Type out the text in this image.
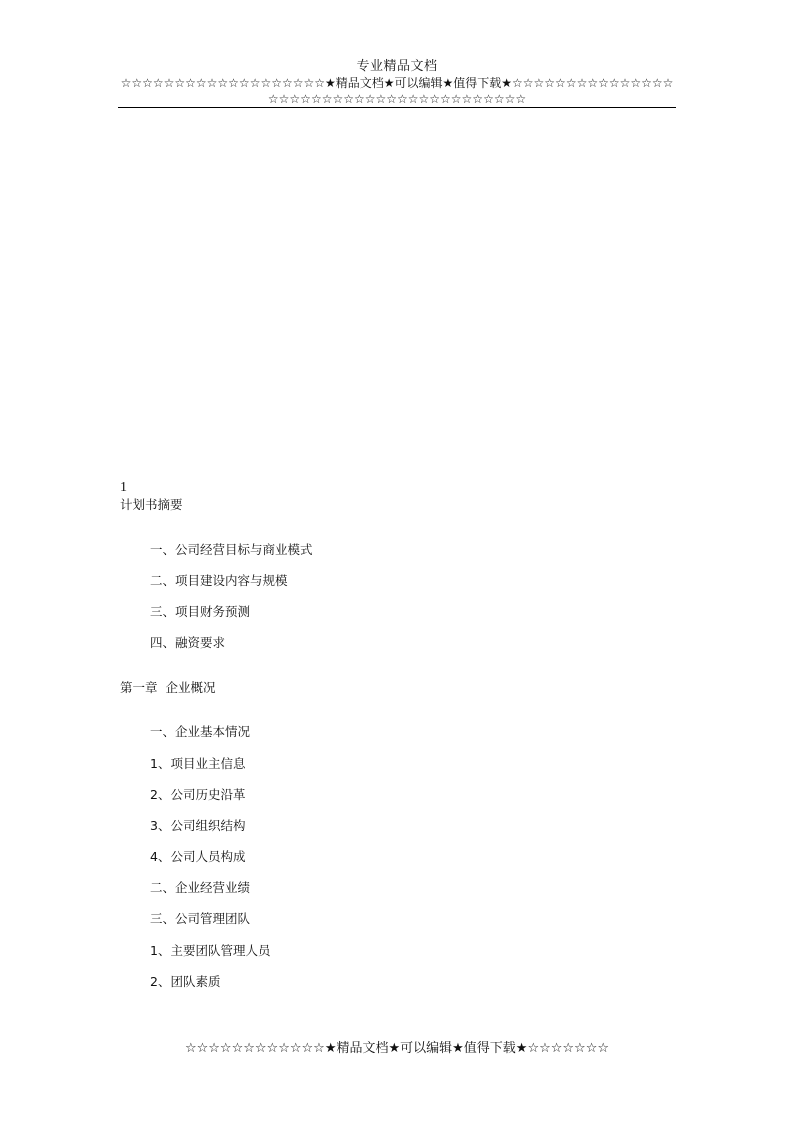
专业精品文档
☆☆☆☆☆☆☆☆☆☆☆☆☆☆☆☆☆☆☆★精品文档★可以编辑★值得下载★☆☆☆☆☆☆☆☆☆☆☆☆☆☆☆
☆☆☆☆☆☆☆☆☆☆☆☆☆☆☆☆☆☆☆☆☆☆☆☆
1
计划书摘要
一、公司经营目标与商业模式
二、项目建设内容与规模
三、项目财务预测
四、融资要求
第一章  企业概况
一、企业基本情况
1、项目业主信息
2、公司历史沿革
3、公司组织结构
4、公司人员构成
二、企业经营业绩
三、公司管理团队
1、主要团队管理人员
2、团队素质
☆☆☆☆☆☆☆☆☆☆☆☆★精品文档★可以编辑★值得下载★☆☆☆☆☆☆☆
